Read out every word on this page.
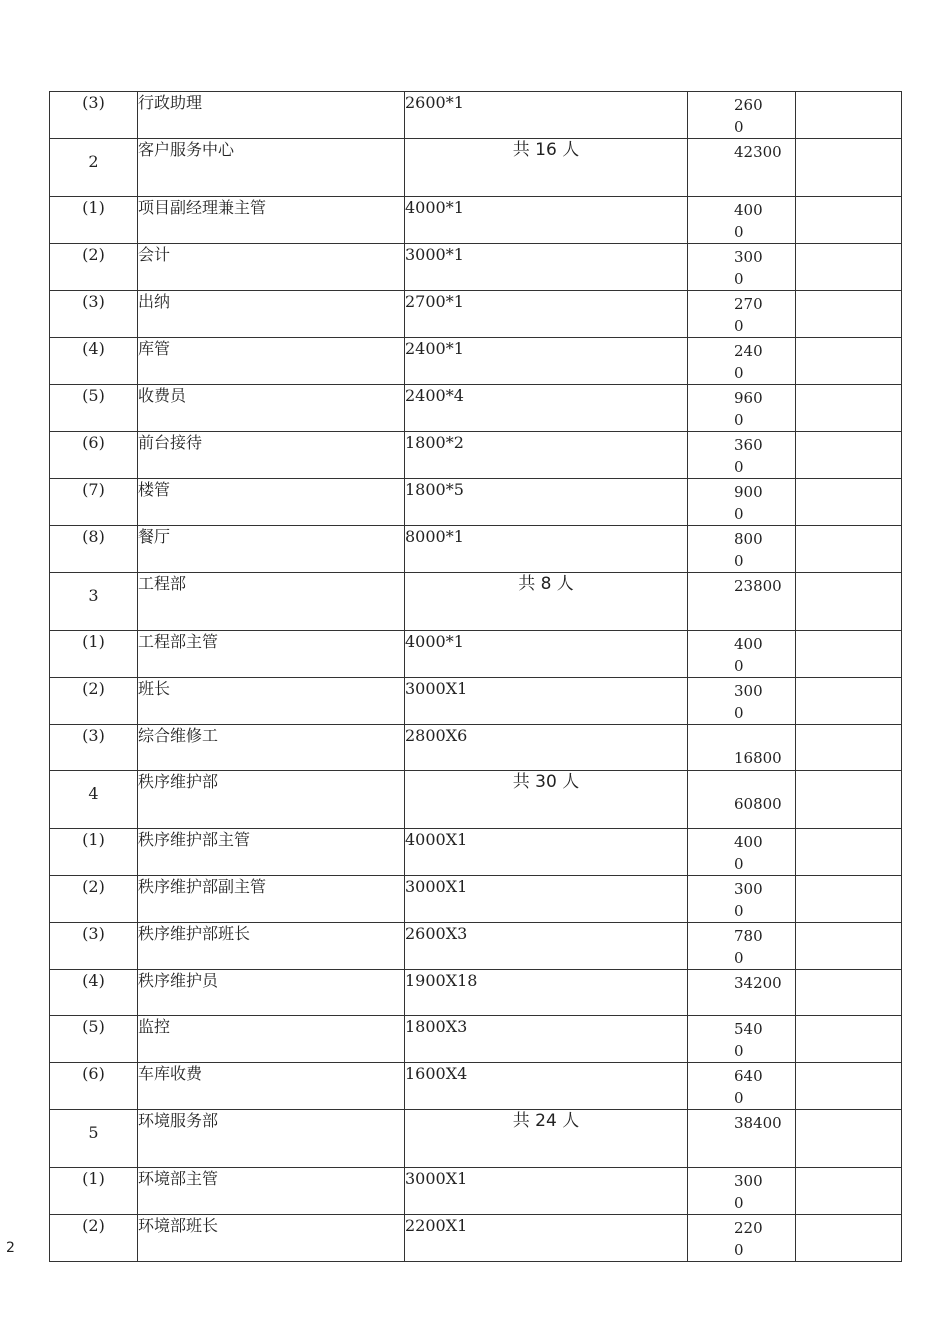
(3)	行政助理	2600*1	2600	

2	客户服务中心	共 16 人	42300	

(1)	项目副经理兼主管	4000*1	4000	

(2)	会计	3000*1	3000	

(3)	出纳	2700*1	2700	

(4)	库管	2400*1	2400	

(5)	收费员	2400*4	9600	

(6)	前台接待	1800*2	3600	

(7)	楼管	1800*5	9000	

(8)	餐厅	8000*1	8000	

3	工程部	共 8 人	23800	

(1)	工程部主管	4000*1	4000	

(2)	班长	3000X1	3000	

(3)	综合维修工	2800X6	16800	

4	秩序维护部	共 30 人	60800	

(1)	秩序维护部主管	4000X1	4000	

(2)	秩序维护部副主管	3000X1	3000	

(3)	秩序维护部班长	2600X3	7800	

(4)	秩序维护员	1900X18	34200	

(5)	监控	1800X3	5400	

(6)	车库收费	1600X4	6400	

5	环境服务部	共 24 人	38400	

(1)	环境部主管	3000X1	3000	

(2)	环境部班长	2200X1	2200	

2
